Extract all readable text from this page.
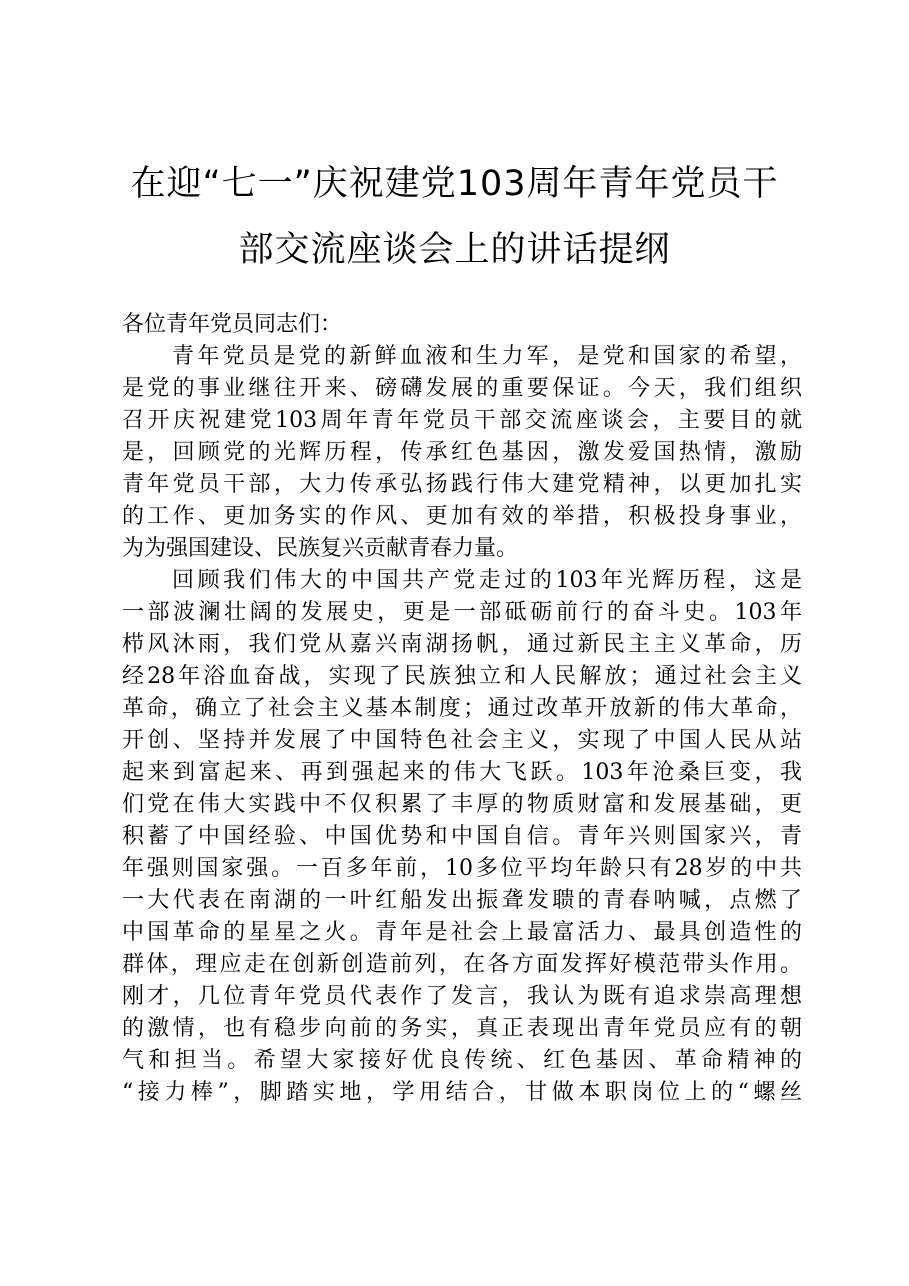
在迎“七一”庆祝建党103周年青年党员干
部交流座谈会上的讲话提纲
各位青年党员同志们：
青年党员是党的新鲜血液和生力军，是党和国家的希望，
是党的事业继往开来、磅礴发展的重要保证。今天，我们组织
召开庆祝建党103周年青年党员干部交流座谈会，主要目的就
是，回顾党的光辉历程，传承红色基因，激发爱国热情，激励
青年党员干部，大力传承弘扬践行伟大建党精神，以更加扎实
的工作、更加务实的作风、更加有效的举措，积极投身事业，
为为强国建设、民族复兴贡献青春力量。
回顾我们伟大的中国共产党走过的103年光辉历程，这是
一部波澜壮阔的发展史，更是一部砥砺前行的奋斗史。103年
栉风沐雨，我们党从嘉兴南湖扬帆，通过新民主主义革命，历
经28年浴血奋战，实现了民族独立和人民解放；通过社会主义
革命，确立了社会主义基本制度；通过改革开放新的伟大革命，
开创、坚持并发展了中国特色社会主义，实现了中国人民从站
起来到富起来、再到强起来的伟大飞跃。103年沧桑巨变，我
们党在伟大实践中不仅积累了丰厚的物质财富和发展基础，更
积蓄了中国经验、中国优势和中国自信。青年兴则国家兴，青
年强则国家强。一百多年前，10多位平均年龄只有28岁的中共
一大代表在南湖的一叶红船发出振聋发聩的青春呐喊，点燃了
中国革命的星星之火。青年是社会上最富活力、最具创造性的
群体，理应走在创新创造前列，在各方面发挥好模范带头作用。
刚才，几位青年党员代表作了发言，我认为既有追求崇高理想
的激情，也有稳步向前的务实，真正表现出青年党员应有的朝
气和担当。希望大家接好优良传统、红色基因、革命精神的
“接力棒”，脚踏实地，学用结合，甘做本职岗位上的“螺丝
